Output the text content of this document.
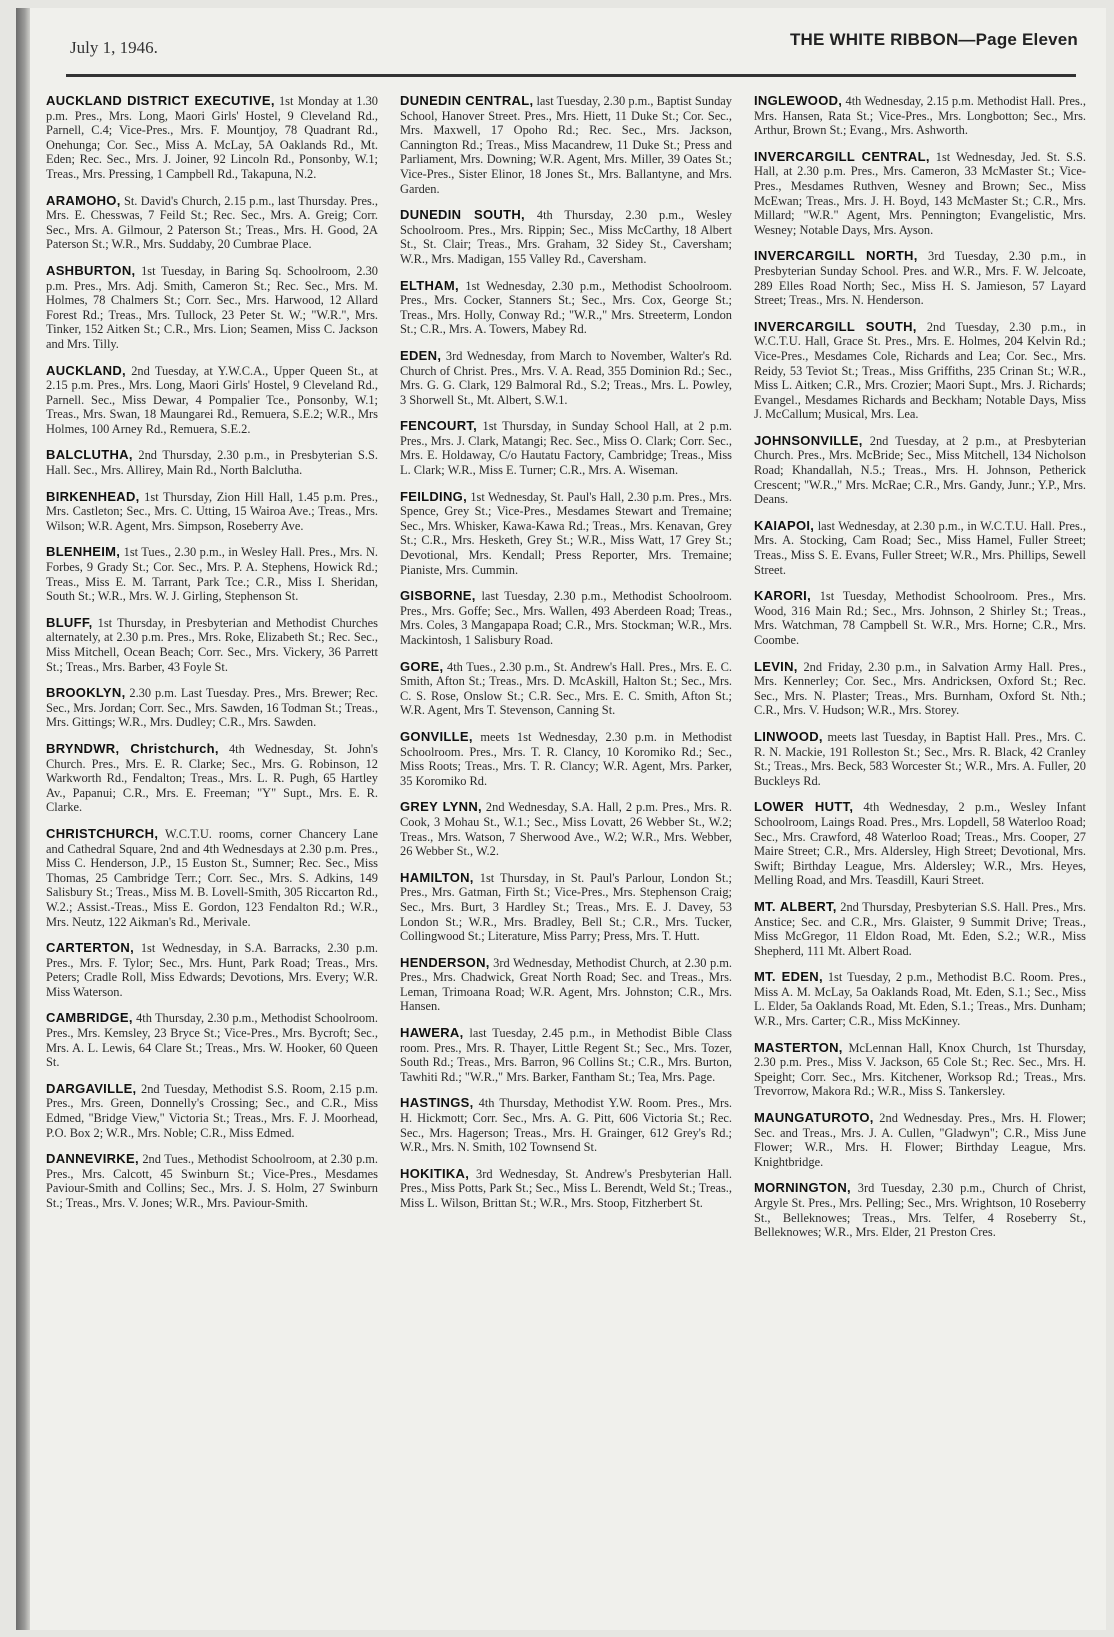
July 1, 1946.	THE WHITE RIBBON—Page Eleven

AUCKLAND DISTRICT EXECUTIVE, 1st Monday at 1.30 p.m. Pres., Mrs. Long, Maori Girls' Hostel, 9 Cleveland Rd., Parnell, C.4; Vice-Pres., Mrs. F. Mountjoy, 78 Quadrant Rd., Onehunga; Cor. Sec., Miss A. McLay, 5A Oaklands Rd., Mt. Eden; Rec. Sec., Mrs. J. Joiner, 92 Lincoln Rd., Ponsonby, W.1; Treas., Mrs. Pressing, 1 Campbell Rd., Takapuna, N.2.

ARAMOHO, St. David's Church, 2.15 p.m., last Thursday. Pres., Mrs. E. Chesswas, 7 Feild St.; Rec. Sec., Mrs. A. Greig; Corr. Sec., Mrs. A. Gilmour, 2 Paterson St.; Treas., Mrs. H. Good, 2A Paterson St.; W.R., Mrs. Suddaby, 20 Cumbrae Place.

ASHBURTON, 1st Tuesday, in Baring Sq. Schoolroom, 2.30 p.m. Pres., Mrs. Adj. Smith, Cameron St.; Rec. Sec., Mrs. M. Holmes, 78 Chalmers St.; Corr. Sec., Mrs. Harwood, 12 Allard Forest Rd.; Treas., Mrs. Tullock, 23 Peter St. W.; "W.R.", Mrs. Tinker, 152 Aitken St.; C.R., Mrs. Lion; Seamen, Miss C. Jackson and Mrs. Tilly.

AUCKLAND, 2nd Tuesday, at Y.W.C.A., Upper Queen St., at 2.15 p.m. Pres., Mrs. Long, Maori Girls' Hostel, 9 Cleveland Rd., Parnell. Sec., Miss Dewar, 4 Pompalier Tce., Ponsonby, W.1; Treas., Mrs. Swan, 18 Maungarei Rd., Remuera, S.E.2; W.R., Mrs Holmes, 100 Arney Rd., Remuera, S.E.2.

BALCLUTHA, 2nd Thursday, 2.30 p.m., in Presbyterian S.S. Hall. Sec., Mrs. Allirey, Main Rd., North Balclutha.

BIRKENHEAD, 1st Thursday, Zion Hill Hall, 1.45 p.m. Pres., Mrs. Castleton; Sec., Mrs. C. Utting, 15 Wairoa Ave.; Treas., Mrs. Wilson; W.R. Agent, Mrs. Simpson, Roseberry Ave.

BLENHEIM, 1st Tues., 2.30 p.m., in Wesley Hall. Pres., Mrs. N. Forbes, 9 Grady St.; Cor. Sec., Mrs. P. A. Stephens, Howick Rd.; Treas., Miss E. M. Tarrant, Park Tce.; C.R., Miss I. Sheridan, South St.; W.R., Mrs. W. J. Girling, Stephenson St.

BLUFF, 1st Thursday, in Presbyterian and Methodist Churches alternately, at 2.30 p.m. Pres., Mrs. Roke, Elizabeth St.; Rec. Sec., Miss Mitchell, Ocean Beach; Corr. Sec., Mrs. Vickery, 36 Parrett St.; Treas., Mrs. Barber, 43 Foyle St.

BROOKLYN, 2.30 p.m. Last Tuesday. Pres., Mrs. Brewer; Rec. Sec., Mrs. Jordan; Corr. Sec., Mrs. Sawden, 16 Todman St.; Treas., Mrs. Gittings; W.R., Mrs. Dudley; C.R., Mrs. Sawden.

BRYNDWR, Christchurch, 4th Wednesday, St. John's Church. Pres., Mrs. E. R. Clarke; Sec., Mrs. G. Robinson, 12 Warkworth Rd., Fendalton; Treas., Mrs. L. R. Pugh, 65 Hartley Av., Papanui; C.R., Mrs. E. Freeman; "Y" Supt., Mrs. E. R. Clarke.

CHRISTCHURCH, W.C.T.U. rooms, corner Chancery Lane and Cathedral Square, 2nd and 4th Wednesdays at 2.30 p.m. Pres., Miss C. Henderson, J.P., 15 Euston St., Sumner; Rec. Sec., Miss Thomas, 25 Cambridge Terr.; Corr. Sec., Mrs. S. Adkins, 149 Salisbury St.; Treas., Miss M. B. Lovell-Smith, 305 Riccarton Rd., W.2.; Assist.-Treas., Miss E. Gordon, 123 Fendalton Rd.; W.R., Mrs. Neutz, 122 Aikman's Rd., Merivale.

CARTERTON, 1st Wednesday, in S.A. Barracks, 2.30 p.m. Pres., Mrs. F. Tylor; Sec., Mrs. Hunt, Park Road; Treas., Mrs. Peters; Cradle Roll, Miss Edwards; Devotions, Mrs. Every; W.R. Miss Waterson.

CAMBRIDGE, 4th Thursday, 2.30 p.m., Methodist Schoolroom. Pres., Mrs. Kemsley, 23 Bryce St.; Vice-Pres., Mrs. Bycroft; Sec., Mrs. A. L. Lewis, 64 Clare St.; Treas., Mrs. W. Hooker, 60 Queen St.

DARGAVILLE, 2nd Tuesday, Methodist S.S. Room, 2.15 p.m. Pres., Mrs. Green, Donnelly's Crossing; Sec., and C.R., Miss Edmed, "Bridge View," Victoria St.; Treas., Mrs. F. J. Moorhead, P.O. Box 2; W.R., Mrs. Noble; C.R., Miss Edmed.

DANNEVIRKE, 2nd Tues., Methodist Schoolroom, at 2.30 p.m. Pres., Mrs. Calcott, 45 Swinburn St.; Vice-Pres., Mesdames Paviour-Smith and Collins; Sec., Mrs. J. S. Holm, 27 Swinburn St.; Treas., Mrs. V. Jones; W.R., Mrs. Paviour-Smith.

DUNEDIN CENTRAL, last Tuesday, 2.30 p.m., Baptist Sunday School, Hanover Street. Pres., Mrs. Hiett, 11 Duke St.; Cor. Sec., Mrs. Maxwell, 17 Opoho Rd.; Rec. Sec., Mrs. Jackson, Cannington Rd.; Treas., Miss Macandrew, 11 Duke St.; Press and Parliament, Mrs. Downing; W.R. Agent, Mrs. Miller, 39 Oates St.; Vice-Pres., Sister Elinor, 18 Jones St., Mrs. Ballantyne, and Mrs. Garden.

DUNEDIN SOUTH, 4th Thursday, 2.30 p.m., Wesley Schoolroom. Pres., Mrs. Rippin; Sec., Miss McCarthy, 18 Albert St., St. Clair; Treas., Mrs. Graham, 32 Sidey St., Caversham; W.R., Mrs. Madigan, 155 Valley Rd., Caversham.

ELTHAM, 1st Wednesday, 2.30 p.m., Methodist Schoolroom. Pres., Mrs. Cocker, Stanners St.; Sec., Mrs. Cox, George St.; Treas., Mrs. Holly, Conway Rd.; "W.R.," Mrs. Streeterm, London St.; C.R., Mrs. A. Towers, Mabey Rd.

EDEN, 3rd Wednesday, from March to November, Walter's Rd. Church of Christ. Pres., Mrs. V. A. Read, 355 Dominion Rd.; Sec., Mrs. G. G. Clark, 129 Balmoral Rd., S.2; Treas., Mrs. L. Powley, 3 Shorwell St., Mt. Albert, S.W.1.

FENCOURT, 1st Thursday, in Sunday School Hall, at 2 p.m. Pres., Mrs. J. Clark, Matangi; Rec. Sec., Miss O. Clark; Corr. Sec., Mrs. E. Holdaway, C/o Hautatu Factory, Cambridge; Treas., Miss L. Clark; W.R., Miss E. Turner; C.R., Mrs. A. Wiseman.

FEILDING, 1st Wednesday, St. Paul's Hall, 2.30 p.m. Pres., Mrs. Spence, Grey St.; Vice-Pres., Mesdames Stewart and Tremaine; Sec., Mrs. Whisker, Kawa-Kawa Rd.; Treas., Mrs. Kenavan, Grey St.; C.R., Mrs. Hesketh, Grey St.; W.R., Miss Watt, 17 Grey St.; Devotional, Mrs. Kendall; Press Reporter, Mrs. Tremaine; Pianiste, Mrs. Cummin.

GISBORNE, last Tuesday, 2.30 p.m., Methodist Schoolroom. Pres., Mrs. Goffe; Sec., Mrs. Wallen, 493 Aberdeen Road; Treas., Mrs. Coles, 3 Mangapapa Road; C.R., Mrs. Stockman; W.R., Mrs. Mackintosh, 1 Salisbury Road.

GORE, 4th Tues., 2.30 p.m., St. Andrew's Hall. Pres., Mrs. E. C. Smith, Afton St.; Treas., Mrs. D. McAskill, Halton St.; Sec., Mrs. C. S. Rose, Onslow St.; C.R. Sec., Mrs. E. C. Smith, Afton St.; W.R. Agent, Mrs T. Stevenson, Canning St.

GONVILLE, meets 1st Wednesday, 2.30 p.m. in Methodist Schoolroom. Pres., Mrs. T. R. Clancy, 10 Koromiko Rd.; Sec., Miss Roots; Treas., Mrs. T. R. Clancy; W.R. Agent, Mrs. Parker, 35 Koromiko Rd.

GREY LYNN, 2nd Wednesday, S.A. Hall, 2 p.m. Pres., Mrs. R. Cook, 3 Mohau St., W.1.; Sec., Miss Lovatt, 26 Webber St., W.2; Treas., Mrs. Watson, 7 Sherwood Ave., W.2; W.R., Mrs. Webber, 26 Webber St., W.2.

HAMILTON, 1st Thursday, in St. Paul's Parlour, London St.; Pres., Mrs. Gatman, Firth St.; Vice-Pres., Mrs. Stephenson Craig; Sec., Mrs. Burt, 3 Hardley St.; Treas., Mrs. E. J. Davey, 53 London St.; W.R., Mrs. Bradley, Bell St.; C.R., Mrs. Tucker, Collingwood St.; Literature, Miss Parry; Press, Mrs. T. Hutt.

HENDERSON, 3rd Wednesday, Methodist Church, at 2.30 p.m. Pres., Mrs. Chadwick, Great North Road; Sec. and Treas., Mrs. Leman, Trimoana Road; W.R. Agent, Mrs. Johnston; C.R., Mrs. Hansen.

HAWERA, last Tuesday, 2.45 p.m., in Methodist Bible Class room. Pres., Mrs. R. Thayer, Little Regent St.; Sec., Mrs. Tozer, South Rd.; Treas., Mrs. Barron, 96 Collins St.; C.R., Mrs. Burton, Tawhiti Rd.; "W.R.," Mrs. Barker, Fantham St.; Tea, Mrs. Page.

HASTINGS, 4th Thursday, Methodist Y.W. Room. Pres., Mrs. H. Hickmott; Corr. Sec., Mrs. A. G. Pitt, 606 Victoria St.; Rec. Sec., Mrs. Hagerson; Treas., Mrs. H. Grainger, 612 Grey's Rd.; W.R., Mrs. N. Smith, 102 Townsend St.

HOKITIKA, 3rd Wednesday, St. Andrew's Presbyterian Hall. Pres., Miss Potts, Park St.; Sec., Miss L. Berendt, Weld St.; Treas., Miss L. Wilson, Brittan St.; W.R., Mrs. Stoop, Fitzherbert St.

INGLEWOOD, 4th Wednesday, 2.15 p.m. Methodist Hall. Pres., Mrs. Hansen, Rata St.; Vice-Pres., Mrs. Longbotton; Sec., Mrs. Arthur, Brown St.; Evang., Mrs. Ashworth.

INVERCARGILL CENTRAL, 1st Wednesday, Jed. St. S.S. Hall, at 2.30 p.m. Pres., Mrs. Cameron, 33 McMaster St.; Vice-Pres., Mesdames Ruthven, Wesney and Brown; Sec., Miss McEwan; Treas., Mrs. J. H. Boyd, 143 McMaster St.; C.R., Mrs. Millard; "W.R." Agent, Mrs. Pennington; Evangelistic, Mrs. Wesney; Notable Days, Mrs. Ayson.

INVERCARGILL NORTH, 3rd Tuesday, 2.30 p.m., in Presbyterian Sunday School. Pres. and W.R., Mrs. F. W. Jelcoate, 289 Elles Road North; Sec., Miss H. S. Jamieson, 57 Layard Street; Treas., Mrs. N. Henderson.

INVERCARGILL SOUTH, 2nd Tuesday, 2.30 p.m., in W.C.T.U. Hall, Grace St. Pres., Mrs. E. Holmes, 204 Kelvin Rd.; Vice-Pres., Mesdames Cole, Richards and Lea; Cor. Sec., Mrs. Reidy, 53 Teviot St.; Treas., Miss Griffiths, 235 Crinan St.; W.R., Miss L. Aitken; C.R., Mrs. Crozier; Maori Supt., Mrs. J. Richards; Evangel., Mesdames Richards and Beckham; Notable Days, Miss J. McCallum; Musical, Mrs. Lea.

JOHNSONVILLE, 2nd Tuesday, at 2 p.m., at Presbyterian Church. Pres., Mrs. McBride; Sec., Miss Mitchell, 134 Nicholson Road; Khandallah, N.5.; Treas., Mrs. H. Johnson, Petherick Crescent; "W.R.," Mrs. McRae; C.R., Mrs. Gandy, Junr.; Y.P., Mrs. Deans.

KAIAPOI, last Wednesday, at 2.30 p.m., in W.C.T.U. Hall. Pres., Mrs. A. Stocking, Cam Road; Sec., Miss Hamel, Fuller Street; Treas., Miss S. E. Evans, Fuller Street; W.R., Mrs. Phillips, Sewell Street.

KARORI, 1st Tuesday, Methodist Schoolroom. Pres., Mrs. Wood, 316 Main Rd.; Sec., Mrs. Johnson, 2 Shirley St.; Treas., Mrs. Watchman, 78 Campbell St. W.R., Mrs. Horne; C.R., Mrs. Coombe.

LEVIN, 2nd Friday, 2.30 p.m., in Salvation Army Hall. Pres., Mrs. Kennerley; Cor. Sec., Mrs. Andricksen, Oxford St.; Rec. Sec., Mrs. N. Plaster; Treas., Mrs. Burnham, Oxford St. Nth.; C.R., Mrs. V. Hudson; W.R., Mrs. Storey.

LINWOOD, meets last Tuesday, in Baptist Hall. Pres., Mrs. C. R. N. Mackie, 191 Rolleston St.; Sec., Mrs. R. Black, 42 Cranley St.; Treas., Mrs. Beck, 583 Worcester St.; W.R., Mrs. A. Fuller, 20 Buckleys Rd.

LOWER HUTT, 4th Wednesday, 2 p.m., Wesley Infant Schoolroom, Laings Road. Pres., Mrs. Lopdell, 58 Waterloo Road; Sec., Mrs. Crawford, 48 Waterloo Road; Treas., Mrs. Cooper, 27 Maire Street; C.R., Mrs. Aldersley, High Street; Devotional, Mrs. Swift; Birthday League, Mrs. Aldersley; W.R., Mrs. Heyes, Melling Road, and Mrs. Teasdill, Kauri Street.

MT. ALBERT, 2nd Thursday, Presbyterian S.S. Hall. Pres., Mrs. Anstice; Sec. and C.R., Mrs. Glaister, 9 Summit Drive; Treas., Miss McGregor, 11 Eldon Road, Mt. Eden, S.2.; W.R., Miss Shepherd, 111 Mt. Albert Road.

MT. EDEN, 1st Tuesday, 2 p.m., Methodist B.C. Room. Pres., Miss A. M. McLay, 5a Oaklands Road, Mt. Eden, S.1.; Sec., Miss L. Elder, 5a Oaklands Road, Mt. Eden, S.1.; Treas., Mrs. Dunham; W.R., Mrs. Carter; C.R., Miss McKinney.

MASTERTON, McLennan Hall, Knox Church, 1st Thursday, 2.30 p.m. Pres., Miss V. Jackson, 65 Cole St.; Rec. Sec., Mrs. H. Speight; Corr. Sec., Mrs. Kitchener, Worksop Rd.; Treas., Mrs. Trevorrow, Makora Rd.; W.R., Miss S. Tankersley.

MAUNGATUROTO, 2nd Wednesday. Pres., Mrs. H. Flower; Sec. and Treas., Mrs. J. A. Cullen, "Gladwyn"; C.R., Miss June Flower; W.R., Mrs. H. Flower; Birthday League, Mrs. Knightbridge.

MORNINGTON, 3rd Tuesday, 2.30 p.m., Church of Christ, Argyle St. Pres., Mrs. Pelling; Sec., Mrs. Wrightson, 10 Roseberry St., Belleknowes; Treas., Mrs. Telfer, 4 Roseberry St., Belleknowes; W.R., Mrs. Elder, 21 Preston Cres.
